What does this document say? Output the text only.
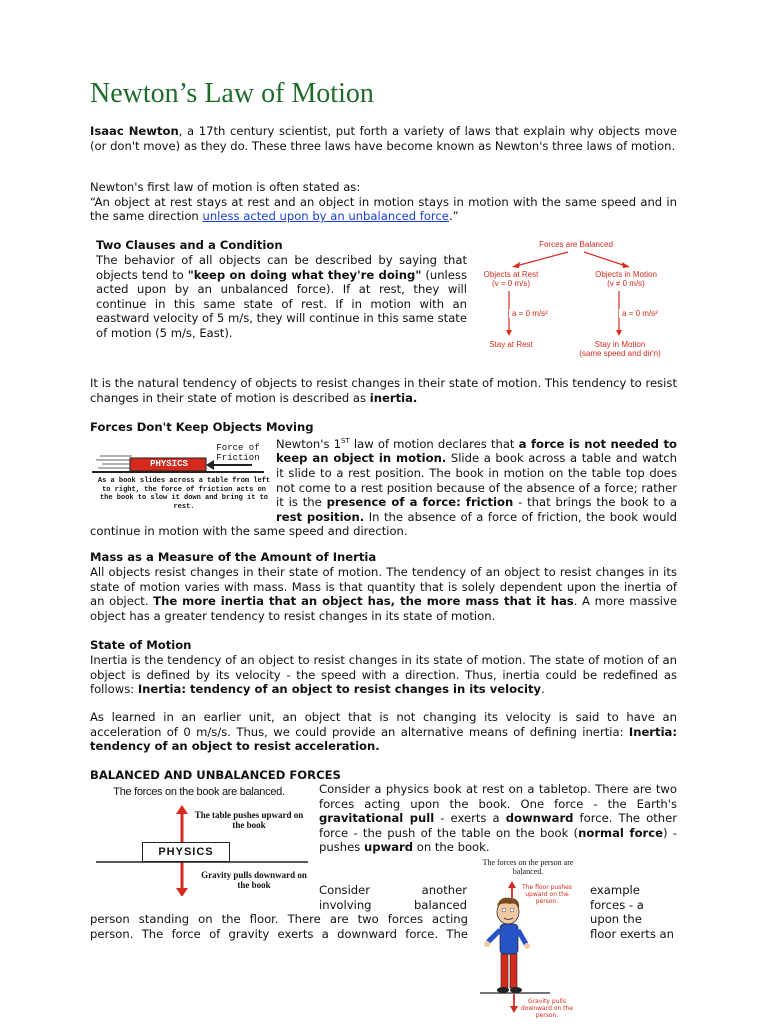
Newton’s Law of Motion
Isaac Newton, a 17th century scientist, put forth a variety of laws that explain why objects move (or don't move) as they do. These three laws have become known as Newton's three laws of motion.
Newton's first law of motion is often stated as:
“An object at rest stays at rest and an object in motion stays in motion with the same speed and in the same direction unless acted upon by an unbalanced force.”
Two Clauses and a Condition
The behavior of all objects can be described by saying that objects tend to "keep on doing what they're doing" (unless acted upon by an unbalanced force). If at rest, they will continue in this same state of rest. If in motion with an eastward velocity of 5 m/s, they will continue in this same state of motion (5 m/s, East).
Forces are Balanced
Objects at Rest
(v = 0 m/s)
Objects in Motion
(v ≠ 0 m/s)
a = 0 m/s²	a = 0 m/s²
Stay at Rest	Stay in Motion
(same speed and dir'n)
It is the natural tendency of objects to resist changes in their state of motion. This tendency to resist changes in their state of motion is described as inertia.
Forces Don't Keep Objects Moving
PHYSICS
Force of Friction
As a book slides across a table from left to right, the force of friction acts on the book to slow it down and bring it to rest.
Newton's 1ST law of motion declares that a force is not needed to keep an object in motion. Slide a book across a table and watch it slide to a rest position. The book in motion on the table top does not come to a rest position because of the absence of a force; rather it is the presence of a force: friction - that brings the book to a rest position. In the absence of a force of friction, the book would continue in motion with the same speed and direction.
Mass as a Measure of the Amount of Inertia
All objects resist changes in their state of motion. The tendency of an object to resist changes in its state of motion varies with mass. Mass is that quantity that is solely dependent upon the inertia of an object. The more inertia that an object has, the more mass that it has. A more massive object has a greater tendency to resist changes in its state of motion.
State of Motion
Inertia is the tendency of an object to resist changes in its state of motion. The state of motion of an object is defined by its velocity - the speed with a direction. Thus, inertia could be redefined as follows: Inertia: tendency of an object to resist changes in its velocity.
As learned in an earlier unit, an object that is not changing its velocity is said to have an acceleration of 0 m/s/s. Thus, we could provide an alternative means of defining inertia: Inertia: tendency of an object to resist acceleration.
BALANCED AND UNBALANCED FORCES
The forces on the book are balanced.
PHYSICS
The table pushes upward on the book
Gravity pulls downward on the book
Consider a physics book at rest on a tabletop. There are two forces acting upon the book. One force - the Earth's gravitational pull - exerts a downward force. The other force - the push of the table on the book (normal force) - pushes upward on the book.
The forces on the person are balanced.
The floor pushes upward on the person.
Gravity pulls downward on the person.
Consider	another
involving	balanced
example
forces - a
upon the
floor exerts an
person standing on the floor. There are two forces acting
person. The force of gravity exerts a downward force. The
